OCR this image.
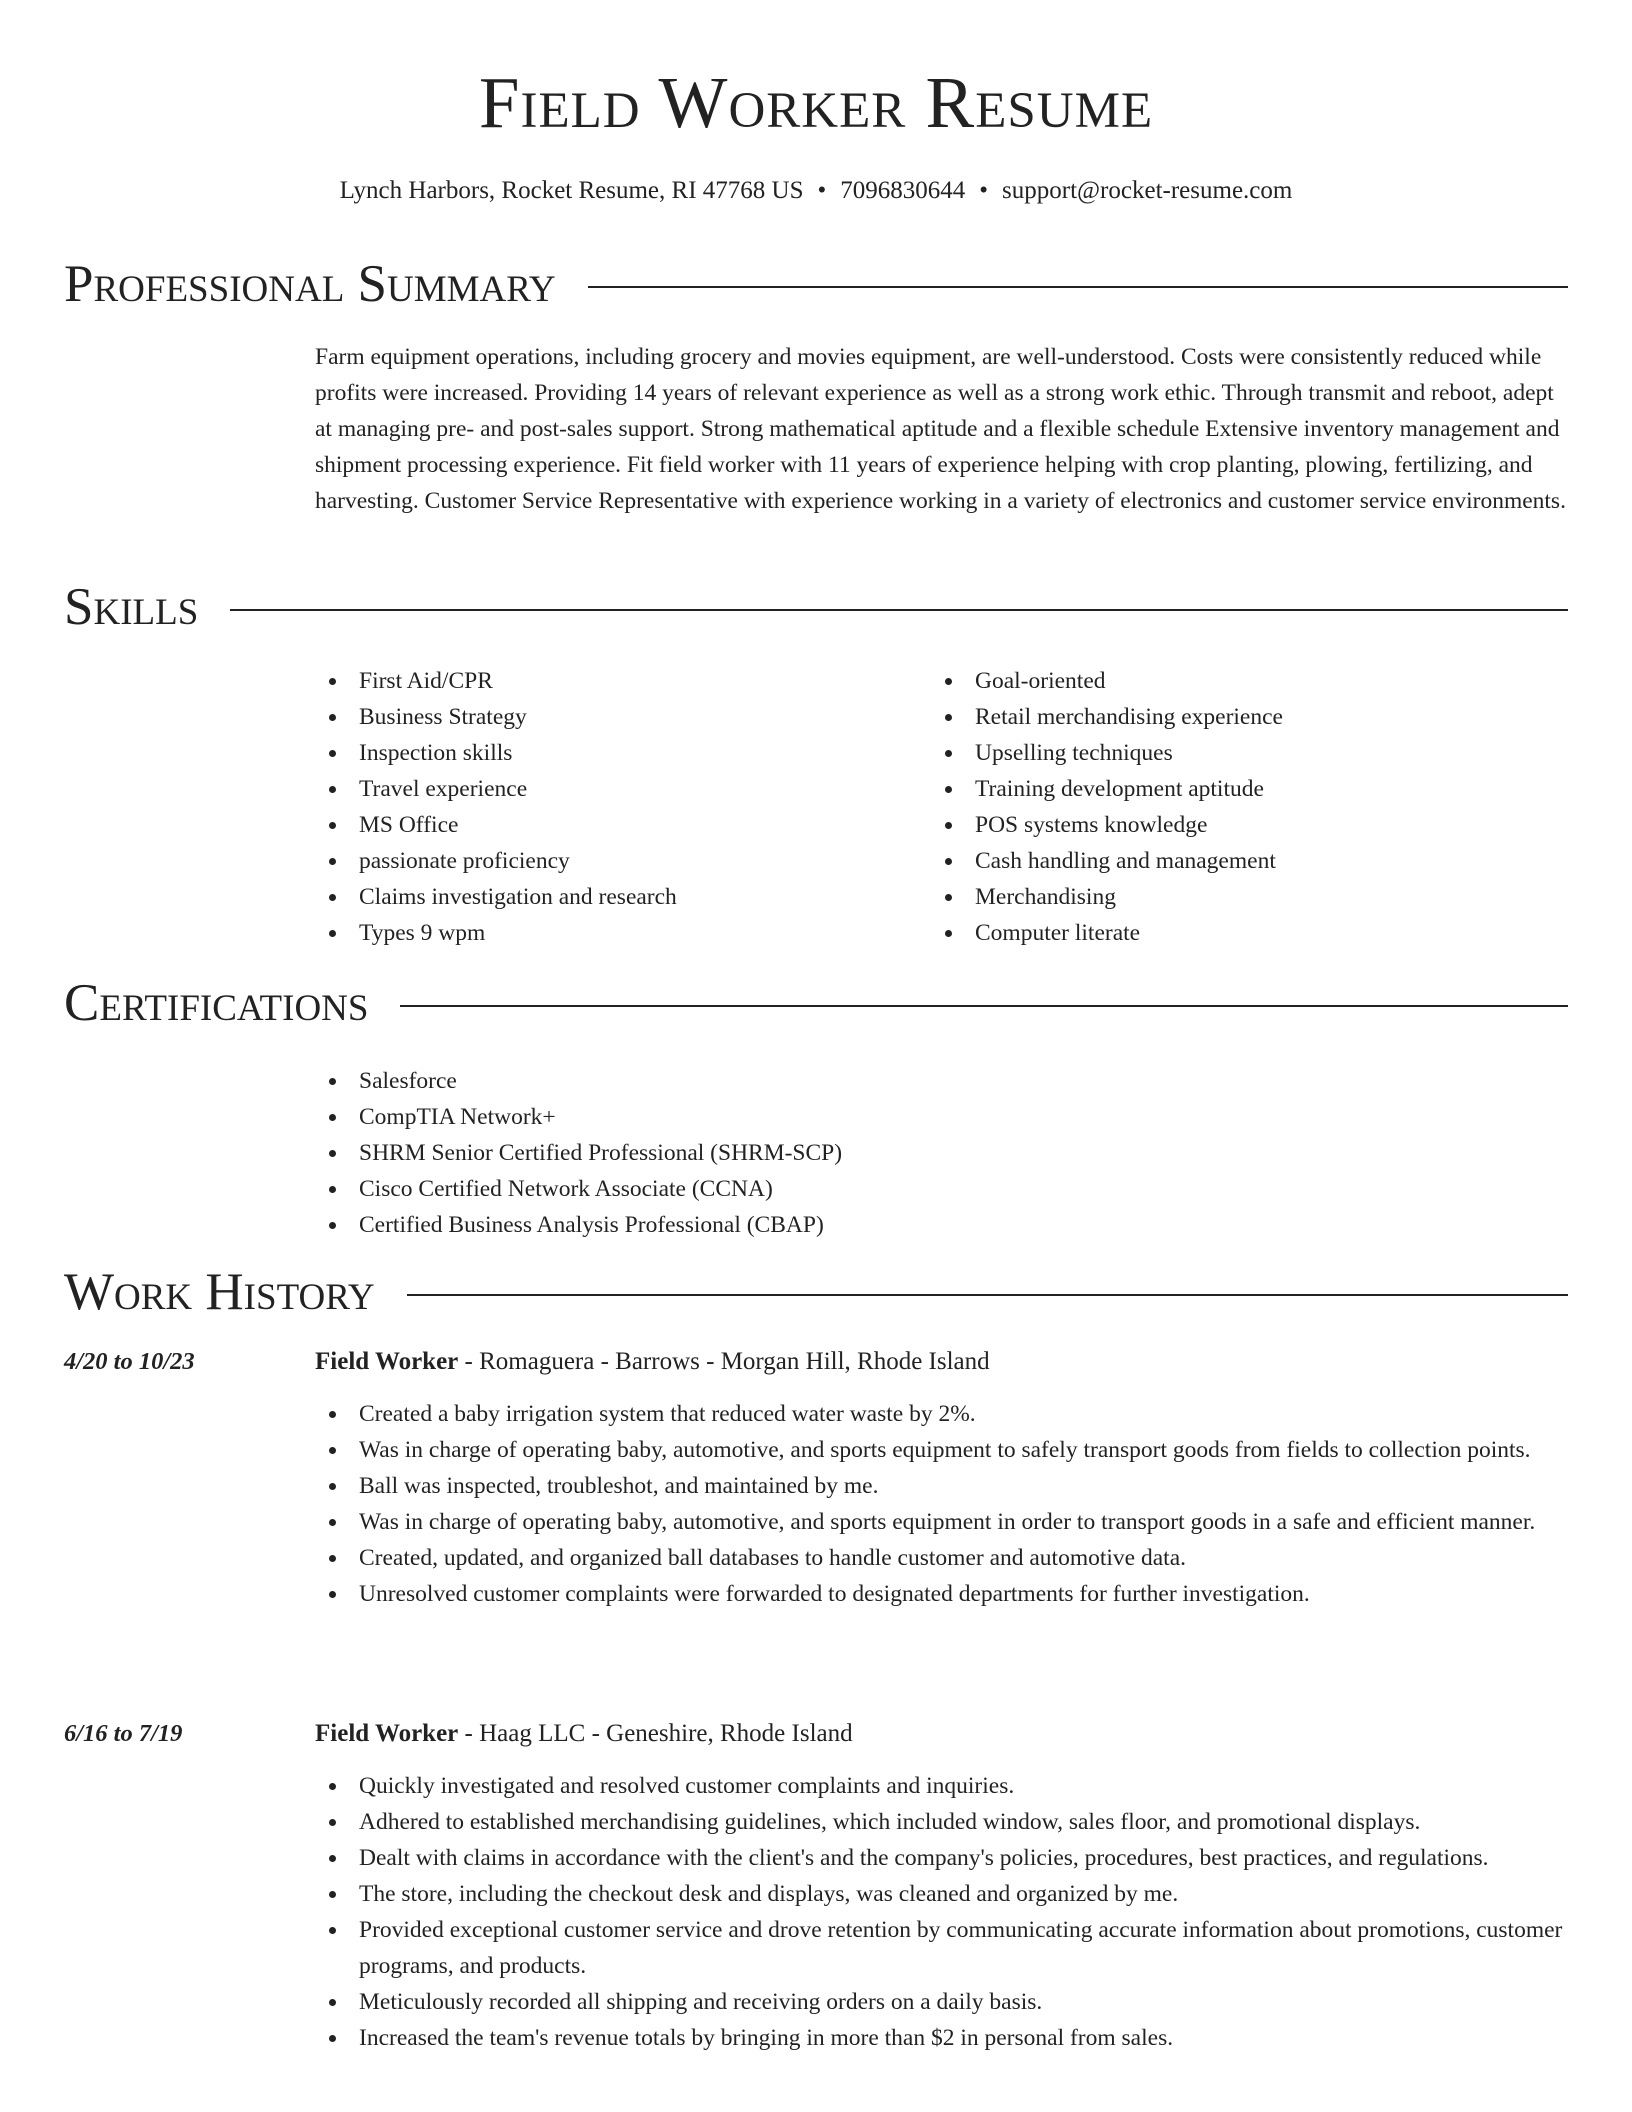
Field Worker Resume
Lynch Harbors, Rocket Resume, RI 47768 US • 7096830644 • support@rocket-resume.com
Professional Summary
Farm equipment operations, including grocery and movies equipment, are well-understood. Costs were consistently reduced while profits were increased. Providing 14 years of relevant experience as well as a strong work ethic. Through transmit and reboot, adept at managing pre- and post-sales support. Strong mathematical aptitude and a flexible schedule Extensive inventory management and shipment processing experience. Fit field worker with 11 years of experience helping with crop planting, plowing, fertilizing, and harvesting. Customer Service Representative with experience working in a variety of electronics and customer service environments.
Skills
First Aid/CPR
Business Strategy
Inspection skills
Travel experience
MS Office
passionate proficiency
Claims investigation and research
Types 9 wpm
Goal-oriented
Retail merchandising experience
Upselling techniques
Training development aptitude
POS systems knowledge
Cash handling and management
Merchandising
Computer literate
Certifications
Salesforce
CompTIA Network+
SHRM Senior Certified Professional (SHRM-SCP)
Cisco Certified Network Associate (CCNA)
Certified Business Analysis Professional (CBAP)
Work History
4/20 to 10/23	Field Worker - Romaguera - Barrows - Morgan Hill, Rhode Island
Created a baby irrigation system that reduced water waste by 2%.
Was in charge of operating baby, automotive, and sports equipment to safely transport goods from fields to collection points.
Ball was inspected, troubleshot, and maintained by me.
Was in charge of operating baby, automotive, and sports equipment in order to transport goods in a safe and efficient manner.
Created, updated, and organized ball databases to handle customer and automotive data.
Unresolved customer complaints were forwarded to designated departments for further investigation.
6/16 to 7/19	Field Worker - Haag LLC - Geneshire, Rhode Island
Quickly investigated and resolved customer complaints and inquiries.
Adhered to established merchandising guidelines, which included window, sales floor, and promotional displays.
Dealt with claims in accordance with the client's and the company's policies, procedures, best practices, and regulations.
The store, including the checkout desk and displays, was cleaned and organized by me.
Provided exceptional customer service and drove retention by communicating accurate information about promotions, customer programs, and products.
Meticulously recorded all shipping and receiving orders on a daily basis.
Increased the team's revenue totals by bringing in more than $2 in personal from sales.
